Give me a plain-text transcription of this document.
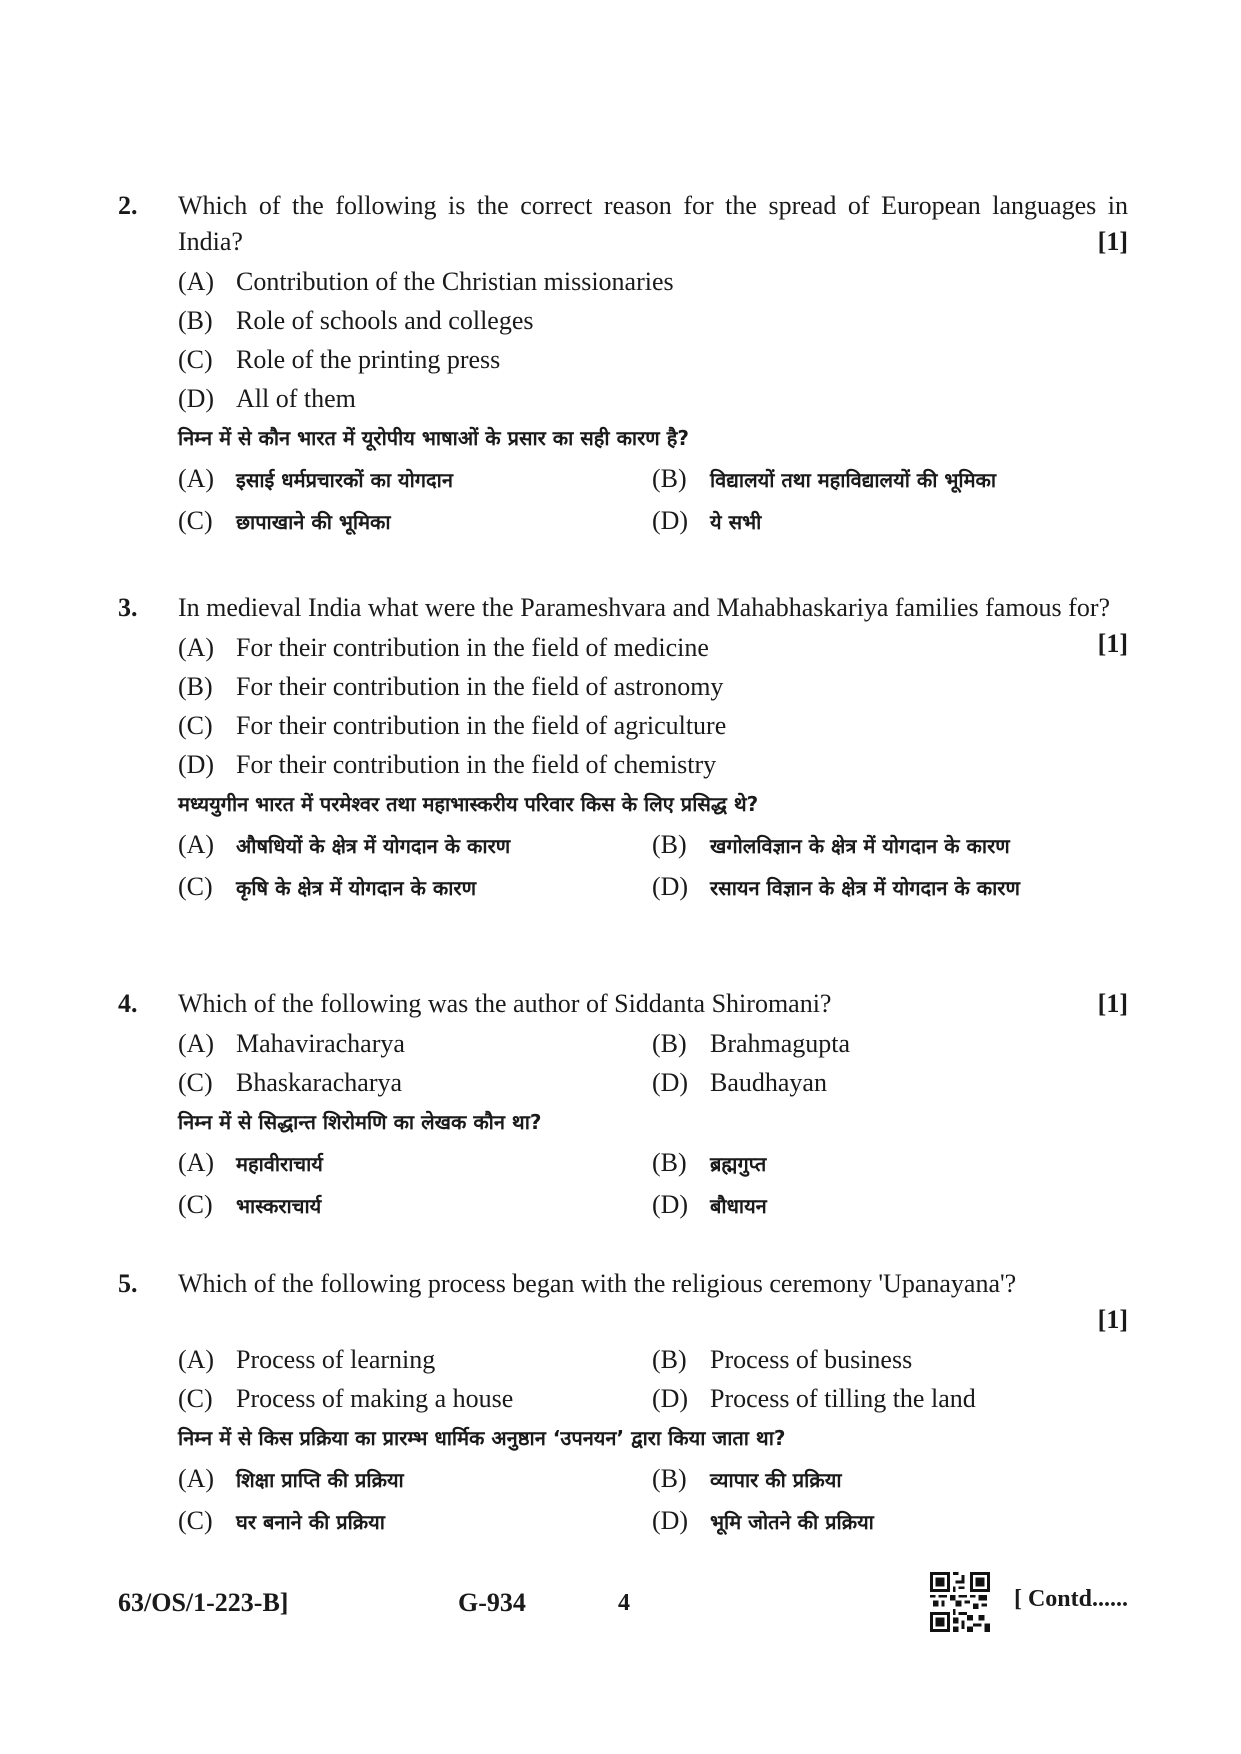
2. Which of the following is the correct reason for the spread of European languages in India?	[1]
(A) Contribution of the Christian missionaries
(B) Role of schools and colleges
(C) Role of the printing press
(D) All of them
निम्न में से कौन भारत में यूरोपीय भाषाओं के प्रसार का सही कारण है?
(A) इसाई धर्मप्रचारकों का योगदान	(B) विद्यालयों तथा महाविद्यालयों की भूमिका
(C) छापाखाने की भूमिका	(D) ये सभी
3. In medieval India what were the Parameshvara and Mahabhaskariya families famous for?
[1]
(A) For their contribution in the field of medicine
(B) For their contribution in the field of astronomy
(C) For their contribution in the field of agriculture
(D) For their contribution in the field of chemistry
मध्ययुगीन भारत में परमेश्वर तथा महाभास्करीय परिवार किस के लिए प्रसिद्ध थे?
(A) औषधियों के क्षेत्र में योगदान के कारण	(B) खगोलविज्ञान के क्षेत्र में योगदान के कारण
(C) कृषि के क्षेत्र में योगदान के कारण	(D) रसायन विज्ञान के क्षेत्र में योगदान के कारण
4. Which of the following was the author of Siddanta Shiromani?	[1]
(A) Mahaviracharya	(B) Brahmagupta
(C) Bhaskaracharya	(D) Baudhayan
निम्न में से सिद्धान्त शिरोमणि का लेखक कौन था?
(A) महावीराचार्य	(B) ब्रह्मगुप्त
(C) भास्कराचार्य	(D) बौधायन
5. Which of the following process began with the religious ceremony 'Upanayana'?
[1]
(A) Process of learning	(B) Process of business
(C) Process of making a house	(D) Process of tilling the land
निम्न में से किस प्रक्रिया का प्रारम्भ धार्मिक अनुष्ठान ‘उपनयन’ द्वारा किया जाता था?
(A) शिक्षा प्राप्ति की प्रक्रिया	(B) व्यापार की प्रक्रिया
(C) घर बनाने की प्रक्रिया	(D) भूमि जोतने की प्रक्रिया
63/OS/1-223-B]	G-934	4	[ Contd......
